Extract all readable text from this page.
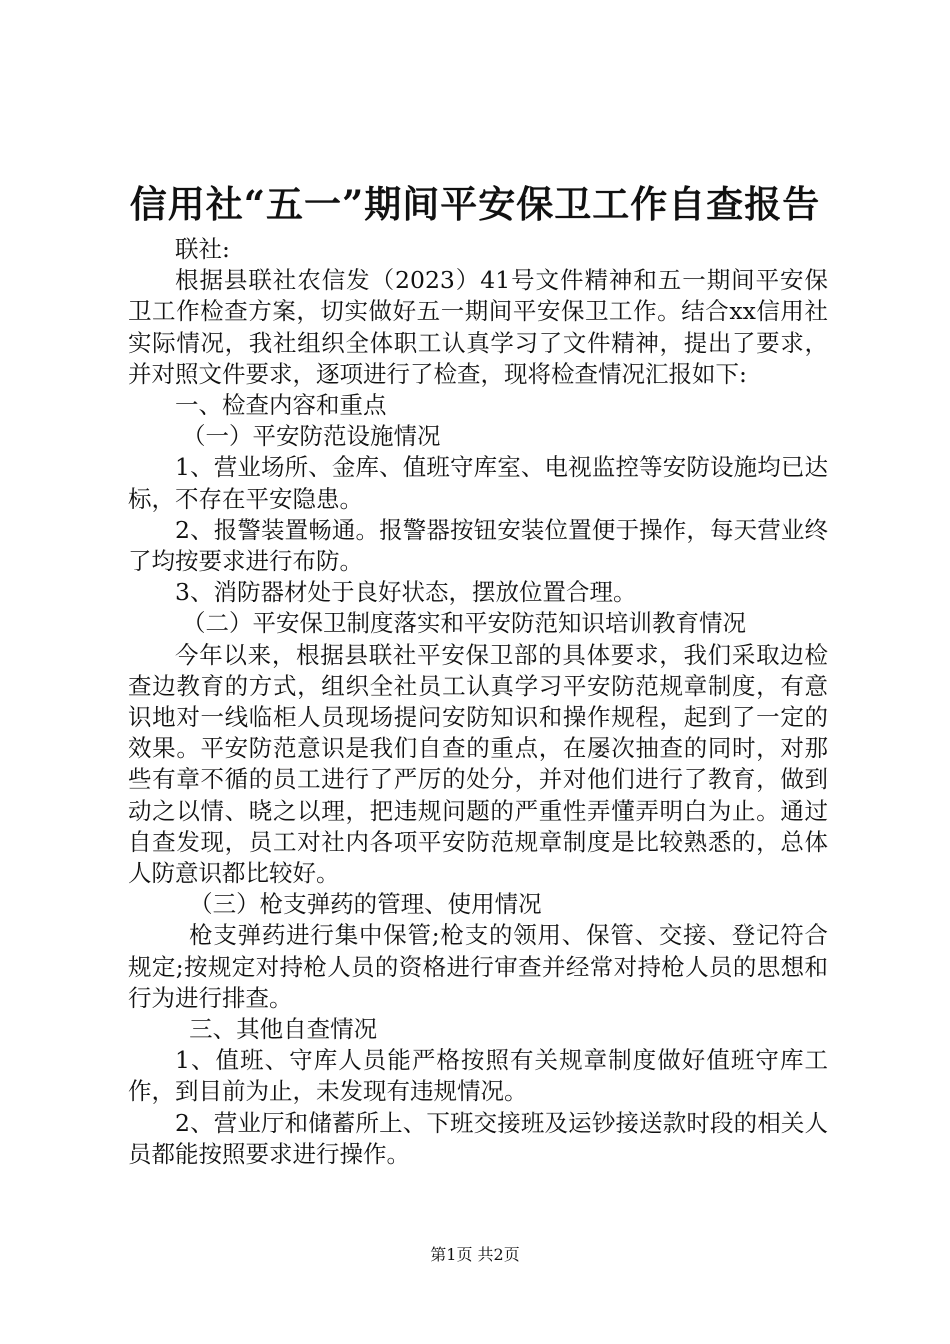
信用社“五一”期间平安保卫工作自查报告

联社:

根据县联社农信发（2023）41号文件精神和五一期间平安保卫工作检查方案，切实做好五一期间平安保卫工作。结合xx信用社实际情况，我社组织全体职工认真学习了文件精神，提出了要求，并对照文件要求，逐项进行了检查，现将检查情况汇报如下:

一、检查内容和重点

（一）平安防范设施情况

1、营业场所、金库、值班守库室、电视监控等安防设施均已达标，不存在平安隐患。

2、报警装置畅通。报警器按钮安装位置便于操作，每天营业终了均按要求进行布防。

3、消防器材处于良好状态，摆放位置合理。

（二）平安保卫制度落实和平安防范知识培训教育情况

今年以来，根据县联社平安保卫部的具体要求，我们采取边检查边教育的方式，组织全社员工认真学习平安防范规章制度，有意识地对一线临柜人员现场提问安防知识和操作规程，起到了一定的效果。平安防范意识是我们自查的重点，在屡次抽查的同时，对那些有章不循的员工进行了严厉的处分，并对他们进行了教育，做到动之以情、晓之以理，把违规问题的严重性弄懂弄明白为止。通过自查发现，员工对社内各项平安防范规章制度是比较熟悉的，总体人防意识都比较好。

（三）枪支弹药的管理、使用情况

枪支弹药进行集中保管;枪支的领用、保管、交接、登记符合规定;按规定对持枪人员的资格进行审查并经常对持枪人员的思想和行为进行排查。

三、其他自查情况

1、值班、守库人员能严格按照有关规章制度做好值班守库工作，到目前为止，未发现有违规情况。

2、营业厅和储蓄所上、下班交接班及运钞接送款时段的相关人员都能按照要求进行操作。

第1页 共2页
